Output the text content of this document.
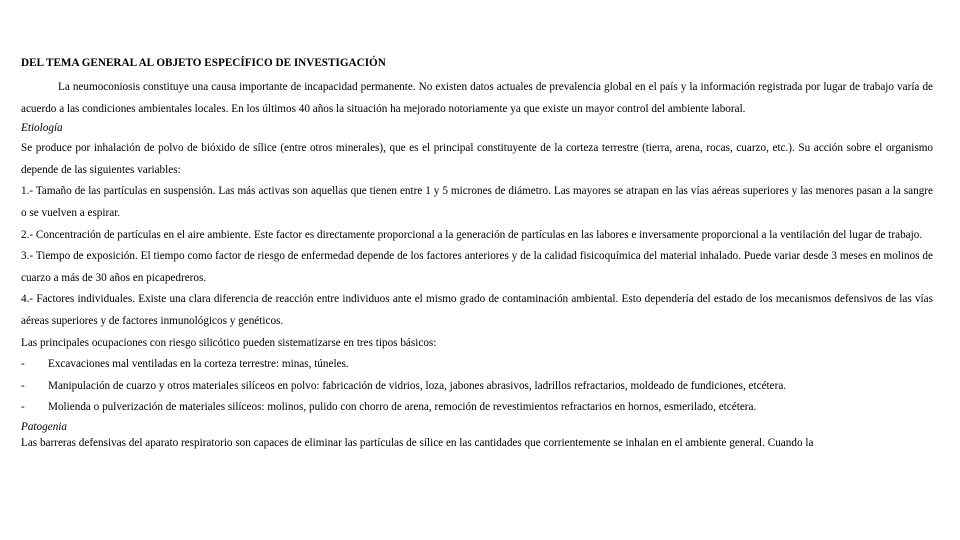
DEL TEMA GENERAL AL OBJETO ESPECÍFICO DE INVESTIGACIÓN

La neumoconiosis constituye una causa importante de incapacidad permanente. No existen datos actuales de prevalencia global en el país y la información registrada por lugar de trabajo varía de acuerdo a las condiciones ambientales locales. En los últimos 40 años la situación ha mejorado notoriamente ya que existe un mayor control del ambiente laboral.

Etiología

Se produce por inhalación de polvo de bióxido de sílice (entre otros minerales), que es el principal constituyente de la corteza terrestre (tierra, arena, rocas, cuarzo, etc.). Su acción sobre el organismo depende de las siguientes variables:

1.- Tamaño de las partículas en suspensión. Las más activas son aquellas que tienen entre 1 y 5 micrones de diámetro. Las mayores se atrapan en las vías aéreas superiores y las menores pasan a la sangre o se vuelven a espirar.

2.- Concentración de partículas en el aire ambiente. Este factor es directamente proporcional a la generación de partículas en las labores e inversamente proporcional a la ventilación del lugar de trabajo.

3.- Tiempo de exposición. El tiempo como factor de riesgo de enfermedad depende de los factores anteriores y de la calidad fisicoquímica del material inhalado. Puede variar desde 3 meses en molinos de cuarzo a más de 30 años en picapedreros.

4.- Factores individuales. Existe una clara diferencia de reacción entre individuos ante el mismo grado de contaminación ambiental. Esto dependería del estado de los mecanismos defensivos de las vías aéreas superiores y de factores inmunológicos y genéticos.

Las principales ocupaciones con riesgo silicótico pueden sistematizarse en tres tipos básicos:

-	Excavaciones mal ventiladas en la corteza terrestre: minas, túneles.
-	Manipulación de cuarzo y otros materiales silíceos en polvo: fabricación de vidrios, loza, jabones abrasivos, ladrillos refractarios, moldeado de fundiciones, etcétera.
-	Molienda o pulverización de materiales silíceos: molinos, pulido con chorro de arena, remoción de revestimientos refractarios en hornos, esmerilado, etcétera.

Patogenia

Las barreras defensivas del aparato respiratorio son capaces de eliminar las partículas de sílice en las cantidades que corrientemente se inhalan en el ambiente general. Cuando la
